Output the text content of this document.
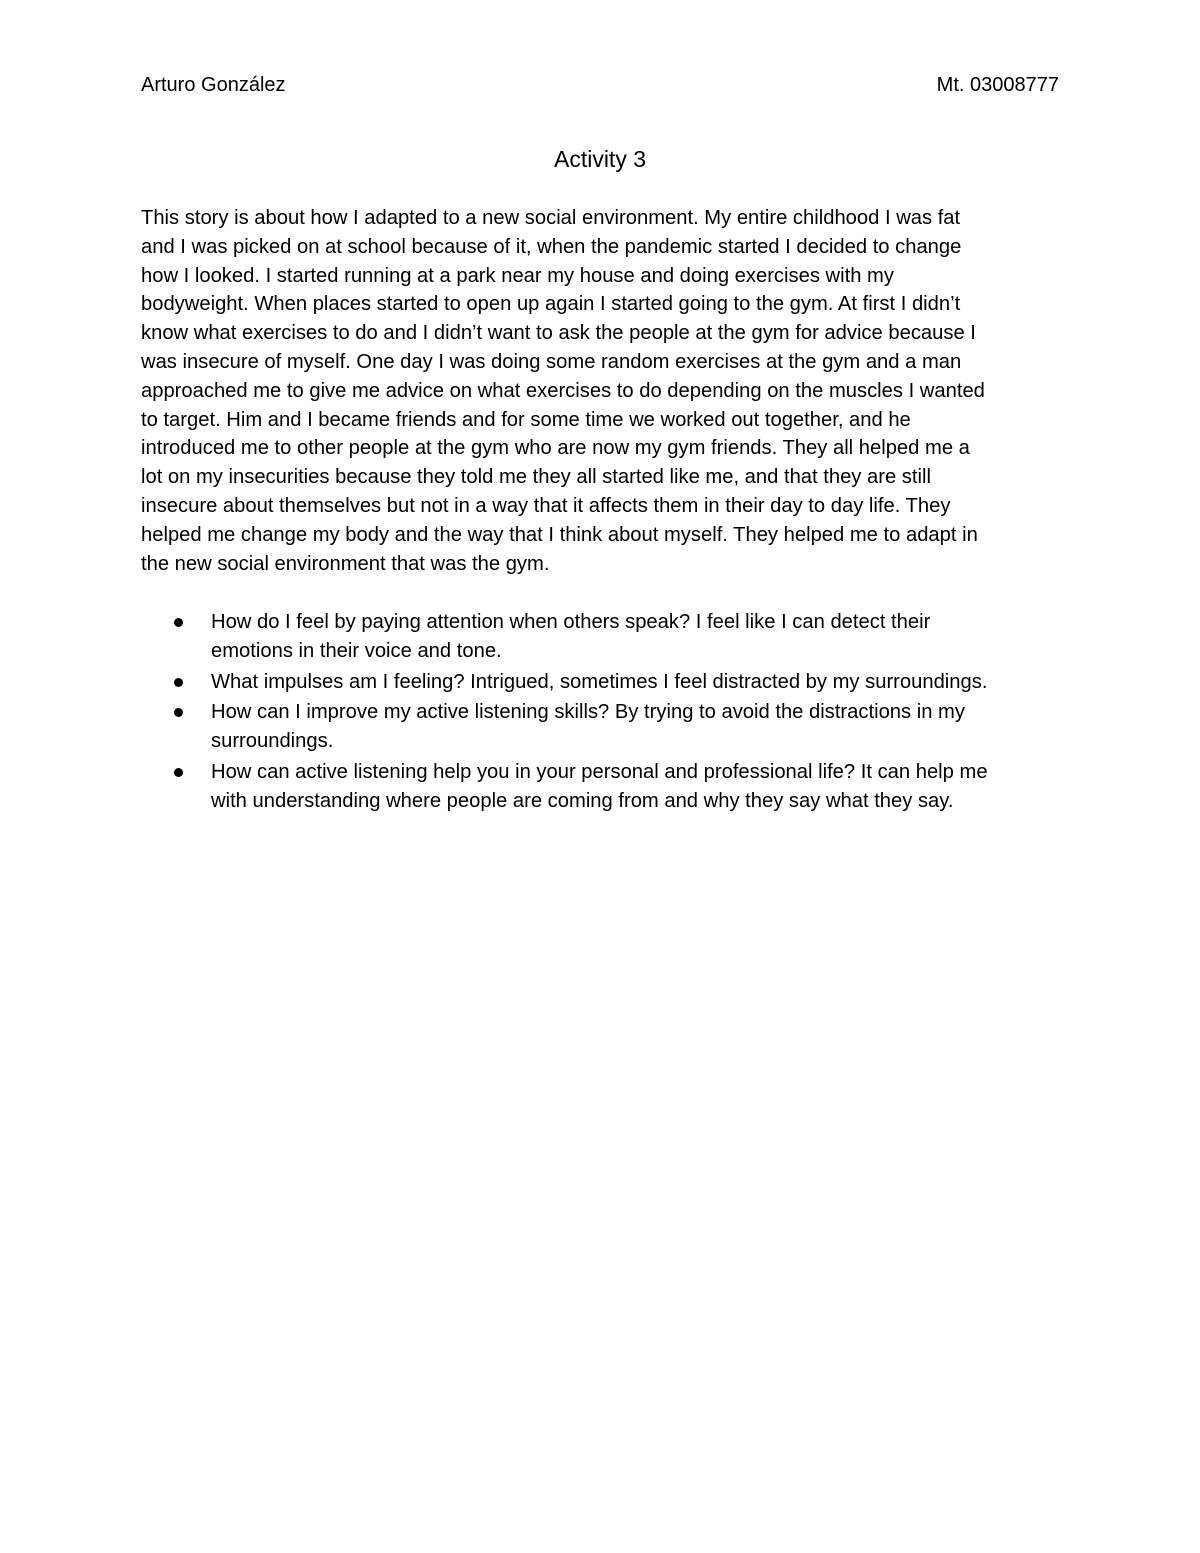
Arturo González	Mt. 03008777
Activity 3

This story is about how I adapted to a new social environment. My entire childhood I was fat
and I was picked on at school because of it, when the pandemic started I decided to change
how I looked. I started running at a park near my house and doing exercises with my
bodyweight. When places started to open up again I started going to the gym. At first I didn’t
know what exercises to do and I didn’t want to ask the people at the gym for advice because I
was insecure of myself. One day I was doing some random exercises at the gym and a man
approached me to give me advice on what exercises to do depending on the muscles I wanted
to target. Him and I became friends and for some time we worked out together, and he
introduced me to other people at the gym who are now my gym friends. They all helped me a
lot on my insecurities because they told me they all started like me, and that they are still
insecure about themselves but not in a way that it affects them in their day to day life. They
helped me change my body and the way that I think about myself. They helped me to adapt in
the new social environment that was the gym.

How do I feel by paying attention when others speak? I feel like I can detect their
emotions in their voice and tone.
What impulses am I feeling? Intrigued, sometimes I feel distracted by my surroundings.
How can I improve my active listening skills? By trying to avoid the distractions in my
surroundings.
How can active listening help you in your personal and professional life? It can help me
with understanding where people are coming from and why they say what they say.
